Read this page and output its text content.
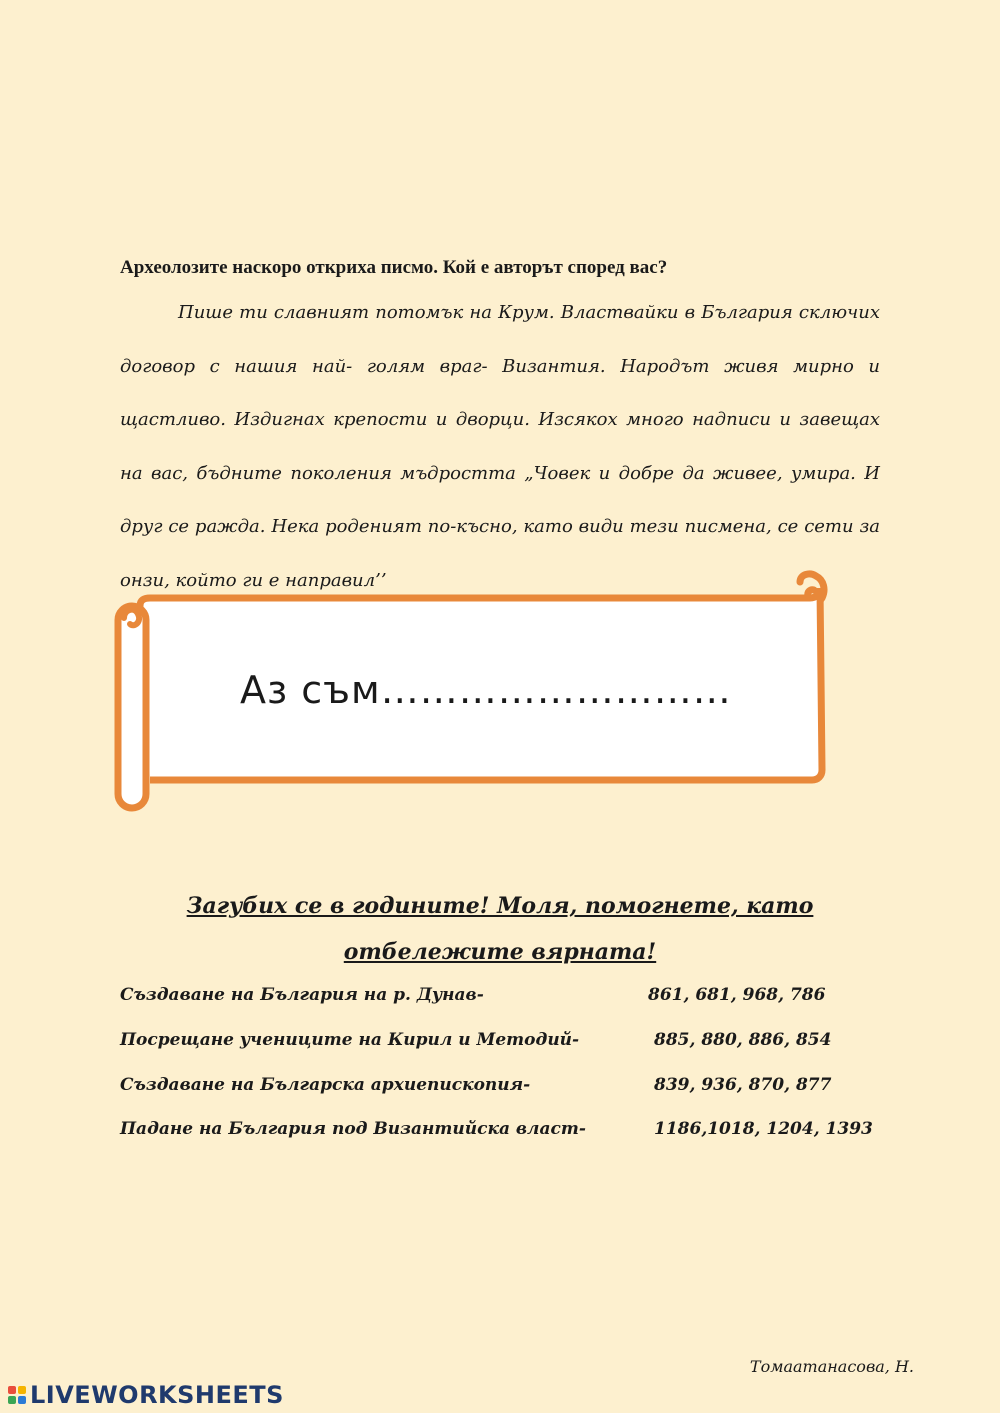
Археолозите наскоро откриха писмо. Кой е авторът според вас?

Пише ти славният потомък на Крум. Властвайки в България сключих договор с нашия най- голям враг- Византия. Народът живя мирно и щастливо. Издигнах крепости и дворци. Изсякох много надписи и завещах на вас, бъдните поколения мъдростта „Човек и добре да живее, умира. И друг се ражда. Нека роденият по-късно, като види тези писмена, се сети за онзи, който ги е направил’’

Аз съм………………………
Загубих се в годините! Моля, помогнете, като отбележите вярната!
Създаване на България на р. Дунав-	861, 681, 968, 786
Посрещане учениците на Кирил и Методий-	885, 880, 886, 854
Създаване на Българска архиепископия-	839, 936, 870, 877
Падане на България под Византийска власт-	1186,1018, 1204, 1393
Томаатанасова, Н.
LIVEWORKSHEETS
